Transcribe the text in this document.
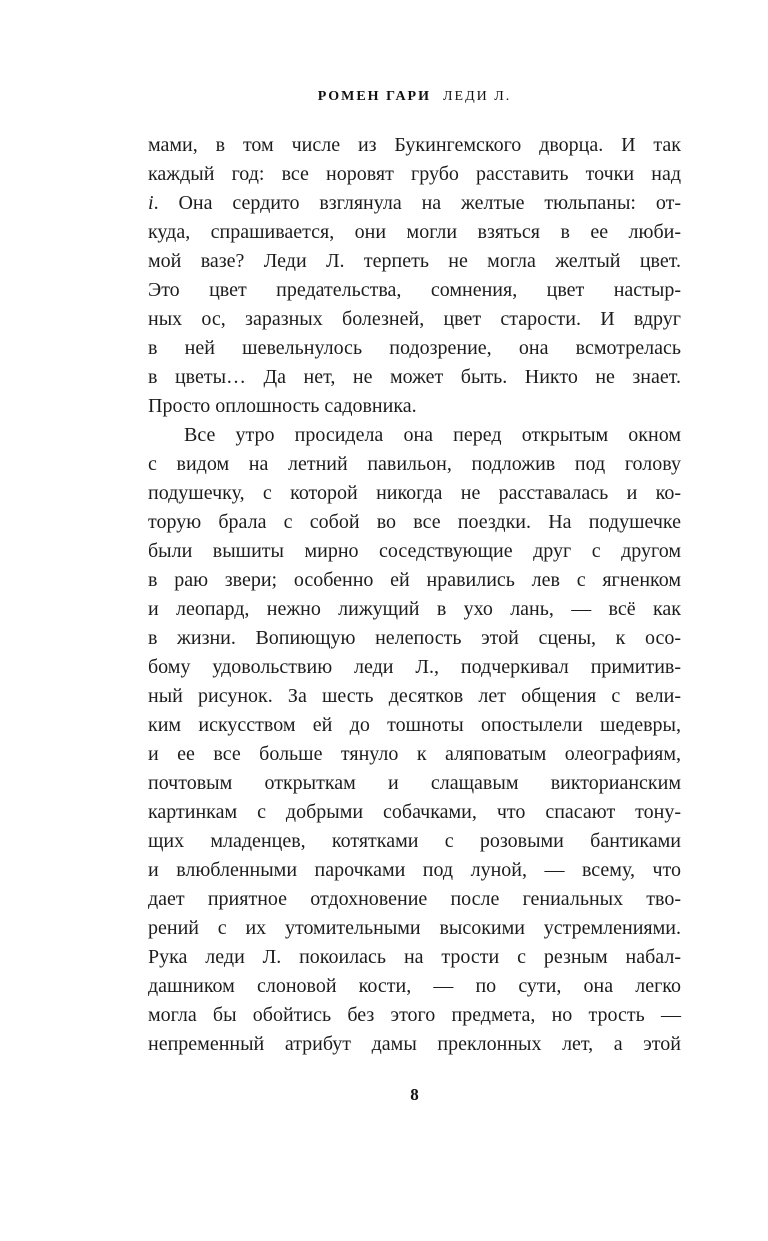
РОМЕН ГАРИ ЛЕДИ Л.
мами, в том числе из Букингемского дворца. И так
каждый год: все норовят грубо расставить точки над
i. Она сердито взглянула на желтые тюльпаны: от-
куда, спрашивается, они могли взяться в ее люби-
мой вазе? Леди Л. терпеть не могла желтый цвет.
Это цвет предательства, сомнения, цвет настыр-
ных ос, заразных болезней, цвет старости. И вдруг
в ней шевельнулось подозрение, она всмотрелась
в цветы… Да нет, не может быть. Никто не знает.
Просто оплошность садовника.
Все утро просидела она перед открытым окном
с видом на летний павильон, подложив под голову
подушечку, с которой никогда не расставалась и ко-
торую брала с собой во все поездки. На подушечке
были вышиты мирно соседствующие друг с другом
в раю звери; особенно ей нравились лев с ягненком
и леопард, нежно лижущий в ухо лань, — всё как
в жизни. Вопиющую нелепость этой сцены, к осо-
бому удовольствию леди Л., подчеркивал примитив-
ный рисунок. За шесть десятков лет общения с вели-
ким искусством ей до тошноты опостылели шедевры,
и ее все больше тянуло к аляповатым олеографиям,
почтовым открыткам и слащавым викторианским
картинкам с добрыми собачками, что спасают тону-
щих младенцев, котятками с розовыми бантиками
и влюбленными парочками под луной, — всему, что
дает приятное отдохновение после гениальных тво-
рений с их утомительными высокими устремлениями.
Рука леди Л. покоилась на трости с резным набал-
дашником слоновой кости, — по сути, она легко
могла бы обойтись без этого предмета, но трость —
непременный атрибут дамы преклонных лет, а этой
8
